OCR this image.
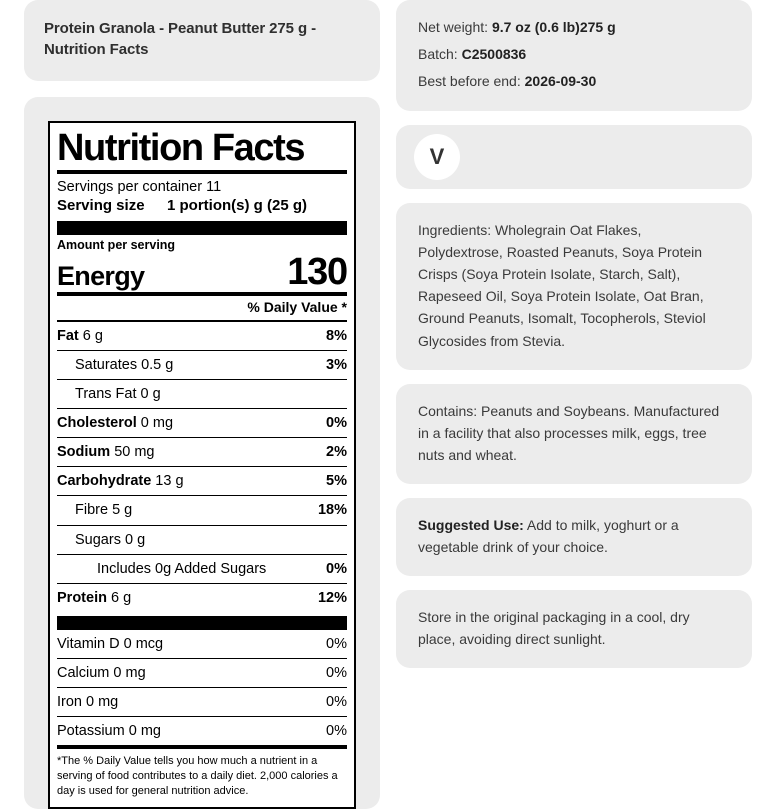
Protein Granola - Peanut Butter 275 g - Nutrition Facts
Nutrition Facts
Servings per container 11
Serving size	1 portion(s) g (25 g)
Amount per serving
Energy	130
% Daily Value *
Fat 6 g	8%
Saturates 0.5 g	3%
Trans Fat 0 g
Cholesterol 0 mg	0%
Sodium 50 mg	2%
Carbohydrate 13 g	5%
Fibre 5 g	18%
Sugars 0 g
Includes 0g Added Sugars	0%
Protein 6 g	12%
Vitamin D 0 mcg	0%
Calcium 0 mg	0%
Iron 0 mg	0%
Potassium 0 mg	0%
*The % Daily Value tells you how much a nutrient in a serving of food contributes to a daily diet. 2,000 calories a day is used for general nutrition advice.
Net weight: 9.7 oz (0.6 lb)275 g
Batch: C2500836
Best before end: 2026-09-30
V
Ingredients: Wholegrain Oat Flakes, Polydextrose, Roasted Peanuts, Soya Protein Crisps (Soya Protein Isolate, Starch, Salt), Rapeseed Oil, Soya Protein Isolate, Oat Bran, Ground Peanuts, Isomalt, Tocopherols, Steviol Glycosides from Stevia.
Contains: Peanuts and Soybeans. Manufactured in a facility that also processes milk, eggs, tree nuts and wheat.
Suggested Use: Add to milk, yoghurt or a vegetable drink of your choice.
Store in the original packaging in a cool, dry place, avoiding direct sunlight.
